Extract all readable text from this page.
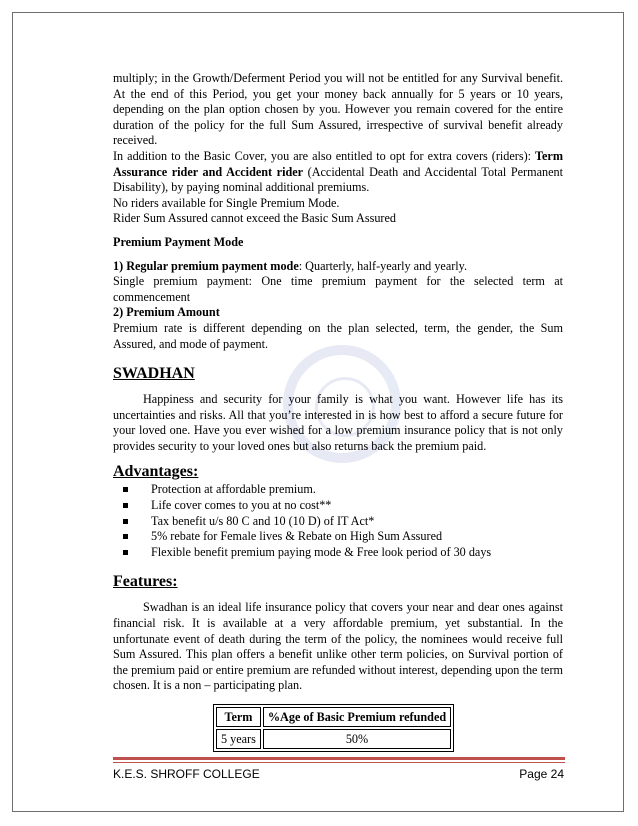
multiply; in the Growth/Deferment Period you will not be entitled for any Survival benefit. At the end of this Period, you get your money back annually for 5 years or 10 years, depending on the plan option chosen by you. However you remain covered for the entire duration of the policy for the full Sum Assured, irrespective of survival benefit already received.

In addition to the Basic Cover, you are also entitled to opt for extra covers (riders): Term Assurance rider and Accident rider (Accidental Death and Accidental Total Permanent Disability), by paying nominal additional premiums.

No riders available for Single Premium Mode.

Rider Sum Assured cannot exceed the Basic Sum Assured

Premium Payment Mode

1) Regular premium payment mode: Quarterly, half-yearly and yearly.

Single premium payment: One time premium payment for the selected term at commencement

2) Premium Amount

Premium rate is different depending on the plan selected, term, the gender, the Sum Assured, and mode of payment.

SWADHAN

Happiness and security for your family is what you want. However life has its uncertainties and risks. All that you’re interested in is how best to afford a secure future for your loved one. Have you ever wished for a low premium insurance policy that is not only provides security to your loved ones but also returns back the premium paid.

Advantages:

Protection at affordable premium.
Life cover comes to you at no cost**
Tax benefit u/s 80 C and 10 (10 D) of IT Act*
5% rebate for Female lives & Rebate on High Sum Assured
Flexible benefit premium paying mode & Free look period of 30 days

Features:

Swadhan is an ideal life insurance policy that covers your near and dear ones against financial risk. It is available at a very affordable premium, yet substantial. In the unfortunate event of death during the term of the policy, the nominees would receive full Sum Assured. This plan offers a benefit unlike other term policies, on Survival portion of the premium paid or entire premium are refunded without interest, depending upon the term chosen. It is a non – participating plan.

Term	%Age of Basic Premium refunded
5 years	50%
K.E.S. SHROFF COLLEGE	Page 24
